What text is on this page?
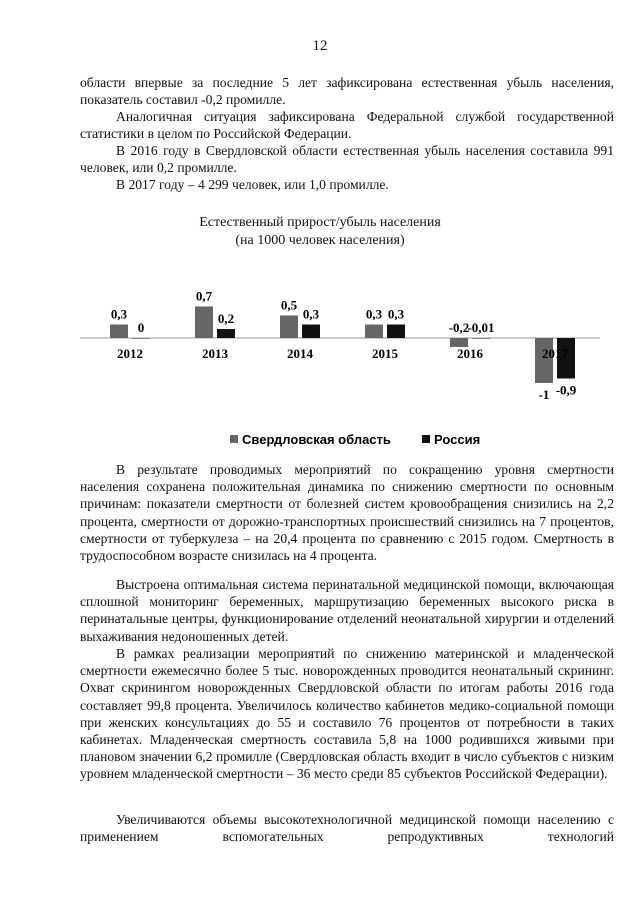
12

области впервые за последние 5 лет зафиксирована естественная убыль населения, показатель составил -0,2 промилле.

Аналогичная ситуация зафиксирована Федеральной службой государственной статистики в целом по Российской Федерации.

В 2016 году в Свердловской области естественная убыль населения составила 991 человек, или 0,2 промилле.

В 2017 году – 4 299 человек, или 1,0 промилле.

Естественный прирост/убыль населения
(на 1000 человек населения)
0,3
0
2012
0,7
0,2
2013
0,5
0,3
2014
0,3 0,3
2015
-0,2
-0,01
2016
-1 -0,9
2017
Свердловская область	Россия

В результате проводимых мероприятий по сокращению уровня смертности населения сохранена положительная динамика по снижению смертности по основным причинам: показатели смертности от болезней систем кровообращения снизились на 2,2 процента, смертности от дорожно-транспортных происшествий снизились на 7 процентов, смертности от туберкулеза – на 20,4 процента по сравнению с 2015 годом. Смертность в трудоспособном возрасте снизилась на 4 процента.

Выстроена оптимальная система перинатальной медицинской помощи, включающая сплошной мониторинг беременных, маршрутизацию беременных высокого риска в перинатальные центры, функционирование отделений неонатальной хирургии и отделений выхаживания недоношенных детей.

В рамках реализации мероприятий по снижению материнской и младенческой смертности ежемесячно более 5 тыс. новорожденных проводится неонатальный скрининг. Охват скринингом новорожденных Свердловской области по итогам работы 2016 года составляет 99,8 процента. Увеличилось количество кабинетов медико-социальной помощи при женских консультациях до 55 и составило 76 процентов от потребности в таких кабинетах. Младенческая смертность составила 5,8 на 1000 родившихся живыми при плановом значении 6,2 промилле (Свердловская область входит в число субъектов с низким уровнем младенческой смертности – 36 место среди 85 субъектов Российской Федерации).

Увеличиваются объемы высокотехнологичной медицинской помощи населению с применением вспомогательных репродуктивных технологий
